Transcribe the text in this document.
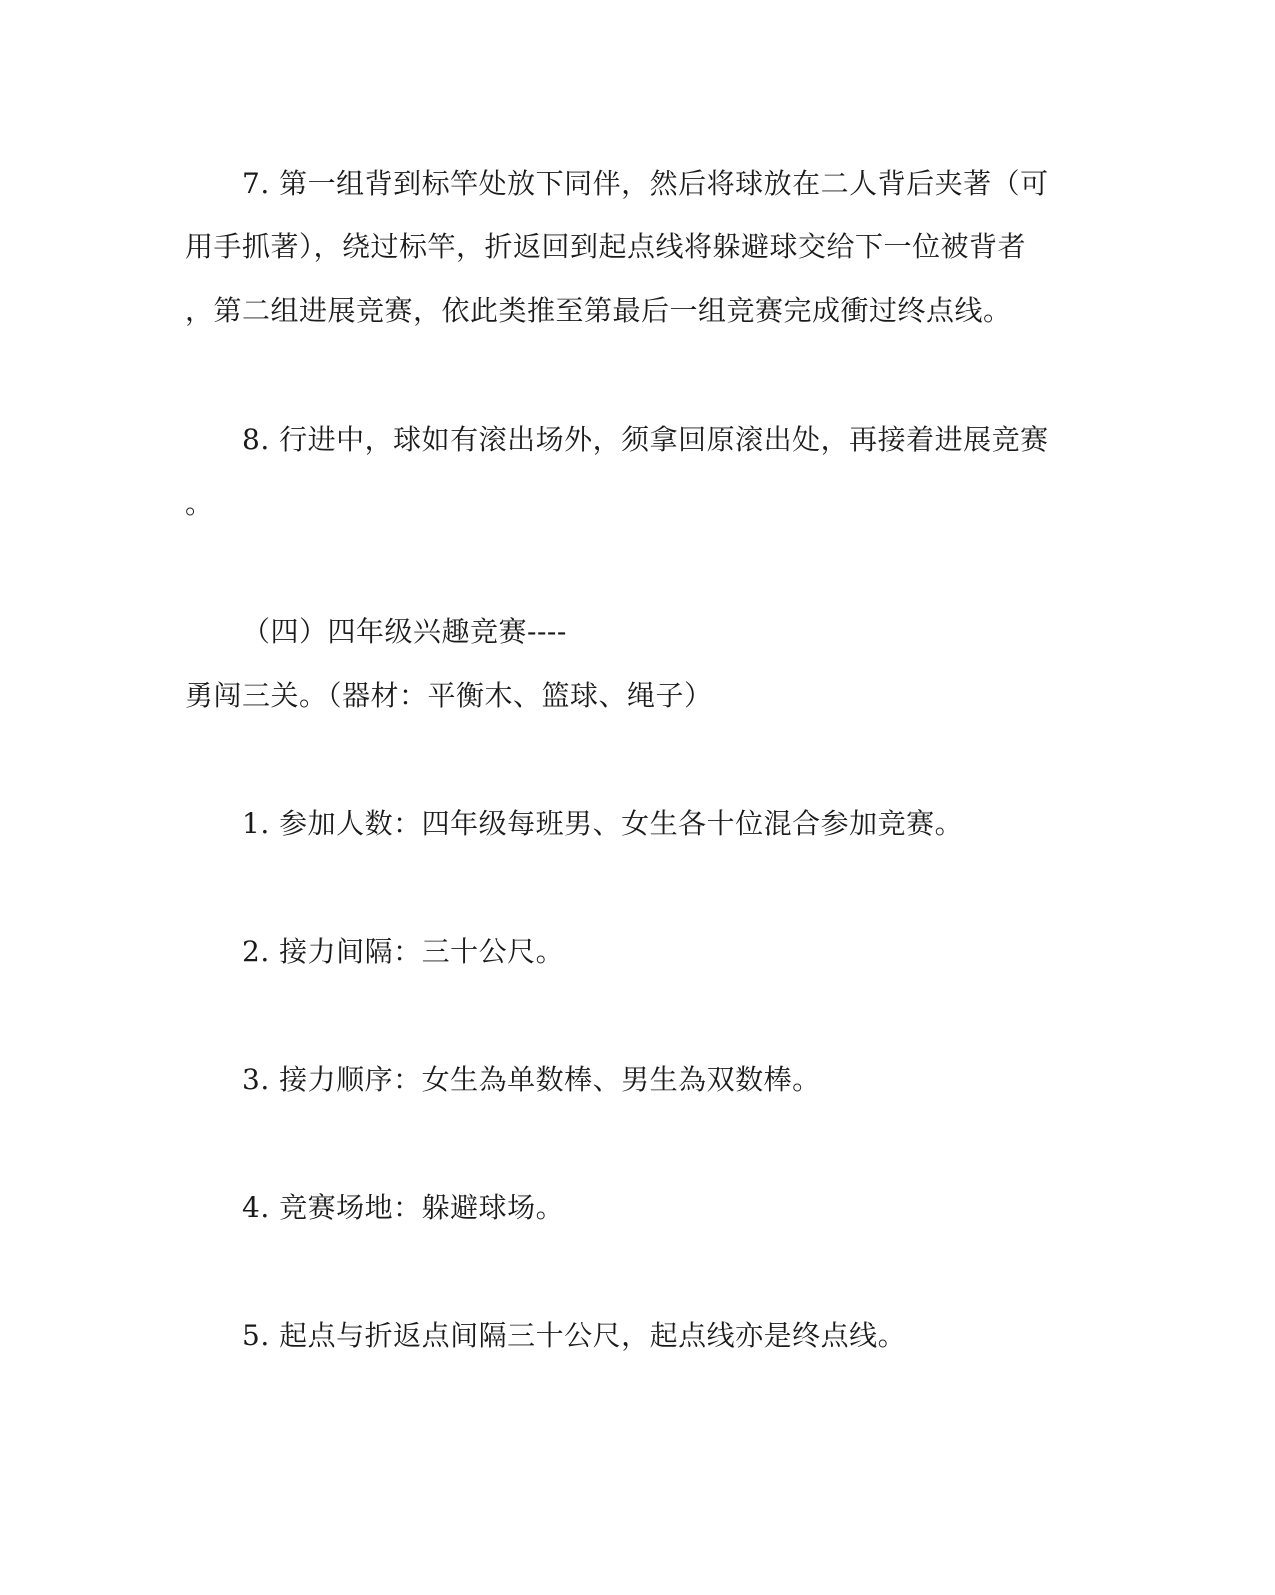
7. 第一组背到标竿处放下同伴，然后将球放在二人背后夹著（可
用手抓著），绕过标竿，折返回到起点线将躲避球交给下一位被背者
，第二组进展竞赛，依此类推至第最后一组竞赛完成衝过终点线。
8. 行进中，球如有滚出场外，须拿回原滚出处，再接着进展竞赛
。
（四）四年级兴趣竞赛----
勇闯三关。（器材：平衡木、篮球、绳子）
1. 参加人数：四年级每班男、女生各十位混合参加竞赛。
2. 接力间隔：三十公尺。
3. 接力顺序：女生為单数棒、男生為双数棒。
4. 竞赛场地：躲避球场。
5. 起点与折返点间隔三十公尺，起点线亦是终点线。
